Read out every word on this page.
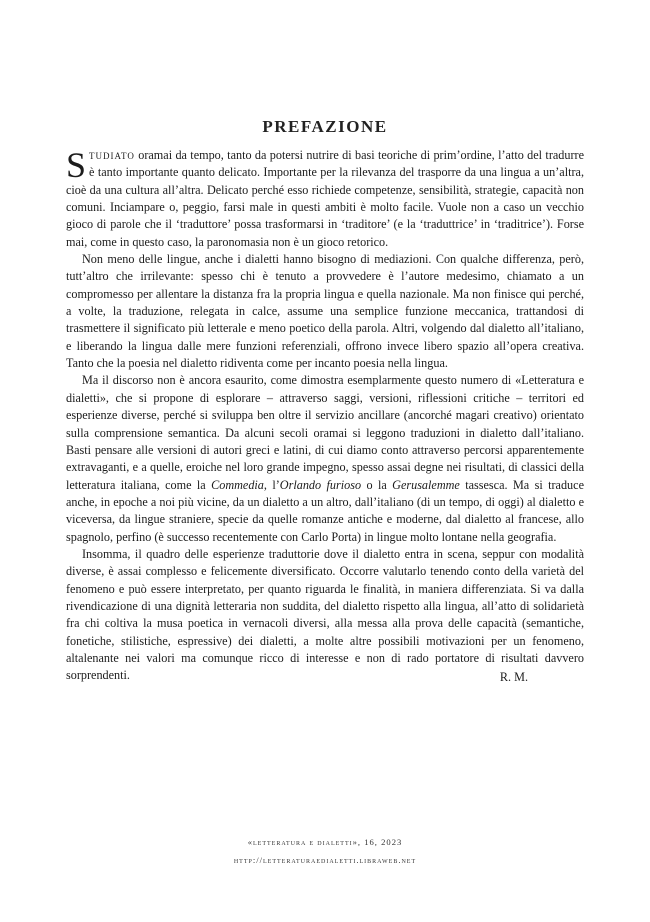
PREFAZIONE

Studiato oramai da tempo, tanto da potersi nutrire di basi teoriche di prim’ordine, l’atto del tradurre è tanto importante quanto delicato. Importante per la rilevanza del trasporre da una lingua a un’altra, cioè da una cultura all’altra. Delicato perché esso richiede competenze, sensibilità, strategie, capacità non comuni. Inciampare o, peggio, farsi male in questi ambiti è molto facile. Vuole non a caso un vecchio gioco di parole che il ‘traduttore’ possa trasformarsi in ‘traditore’ (e la ‘traduttrice’ in ‘traditrice’). Forse mai, come in questo caso, la paronomasia non è un gioco retorico.

Non meno delle lingue, anche i dialetti hanno bisogno di mediazioni. Con qualche differenza, però, tutt’altro che irrilevante: spesso chi è tenuto a provvedere è l’autore medesimo, chiamato a un compromesso per allentare la distanza fra la propria lingua e quella nazionale. Ma non finisce qui perché, a volte, la traduzione, relegata in calce, assume una semplice funzione meccanica, trattandosi di trasmettere il significato più letterale e meno poetico della parola. Altri, volgendo dal dialetto all’italiano, e liberando la lingua dalle mere funzioni referenziali, offrono invece libero spazio all’opera creativa. Tanto che la poesia nel dialetto ridiventa come per incanto poesia nella lingua.

Ma il discorso non è ancora esaurito, come dimostra esemplarmente questo numero di «Letteratura e dialetti», che si propone di esplorare – attraverso saggi, versioni, riflessioni critiche – territori ed esperienze diverse, perché si sviluppa ben oltre il servizio ancillare (ancorché magari creativo) orientato sulla comprensione semantica. Da alcuni secoli oramai si leggono traduzioni in dialetto dall’italiano. Basti pensare alle versioni di autori greci e latini, di cui diamo conto attraverso percorsi apparentemente extravaganti, e a quelle, eroiche nel loro grande impegno, spesso assai degne nei risultati, di classici della letteratura italiana, come la Commedia, l’Orlando furioso o la Gerusalemme tassesca. Ma si traduce anche, in epoche a noi più vicine, da un dialetto a un altro, dall’italiano (di un tempo, di oggi) al dialetto e viceversa, da lingue straniere, specie da quelle romanze antiche e moderne, dal dialetto al francese, allo spagnolo, perfino (è successo recentemente con Carlo Porta) in lingue molto lontane nella geografia.

Insomma, il quadro delle esperienze traduttorie dove il dialetto entra in scena, seppur con modalità diverse, è assai complesso e felicemente diversificato. Occorre valutarlo tenendo conto della varietà del fenomeno e può essere interpretato, per quanto riguarda le finalità, in maniera differenziata. Si va dalla rivendicazione di una dignità letteraria non suddita, del dialetto rispetto alla lingua, all’atto di solidarietà fra chi coltiva la musa poetica in vernacoli diversi, alla messa alla prova delle capacità (semantiche, fonetiche, stilistiche, espressive) dei dialetti, a molte altre possibili motivazioni per un fenomeno, altalenante nei valori ma comunque ricco di interesse e non di rado portatore di risultati davvero sorprendenti.	R. M.
«letteratura e dialetti», 16, 2023
http://letteraturaedialetti.libraweb.net
